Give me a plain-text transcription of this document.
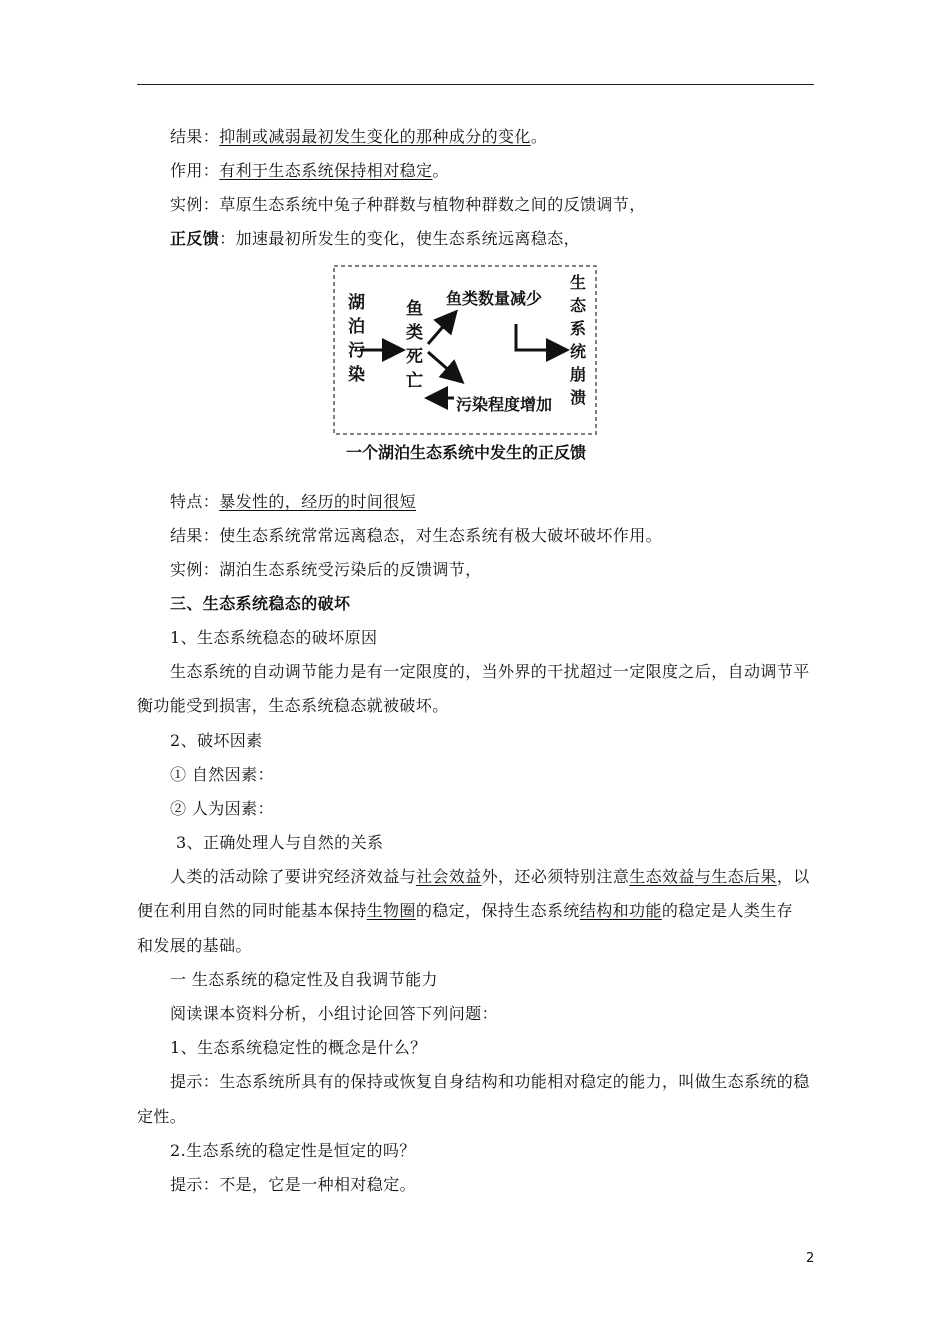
结果：抑制或减弱最初发生变化的那种成分的变化。
作用：有利于生态系统保持相对稳定。
实例：草原生态系统中兔子种群数与植物种群数之间的反馈调节，
正反馈：加速最初所发生的变化，使生态系统远离稳态，
湖
泊
污
染
鱼
类
死
亡
鱼类数量减少
污染程度增加
生
态
系
统
崩
溃
一个湖泊生态系统中发生的正反馈
特点：暴发性的，经历的时间很短
结果：使生态系统常常远离稳态，对生态系统有极大破坏破坏作用。
实例：湖泊生态系统受污染后的反馈调节，
三、生态系统稳态的破坏
1、生态系统稳态的破坏原因
生态系统的自动调节能力是有一定限度的，当外界的干扰超过一定限度之后，自动调节平
衡功能受到损害，生态系统稳态就被破坏。
2、破坏因素
① 自然因素：
② 人为因素：
3、正确处理人与自然的关系
人类的活动除了要讲究经济效益与社会效益外，还必须特别注意生态效益与生态后果，以
便在利用自然的同时能基本保持生物圈的稳定，保持生态系统结构和功能的稳定是人类生存
和发展的基础。
一 生态系统的稳定性及自我调节能力
阅读课本资料分析，小组讨论回答下列问题：
1、生态系统稳定性的概念是什么？
提示：生态系统所具有的保持或恢复自身结构和功能相对稳定的能力，叫做生态系统的稳
定性。
2.生态系统的稳定性是恒定的吗？
提示：不是，它是一种相对稳定。
2
